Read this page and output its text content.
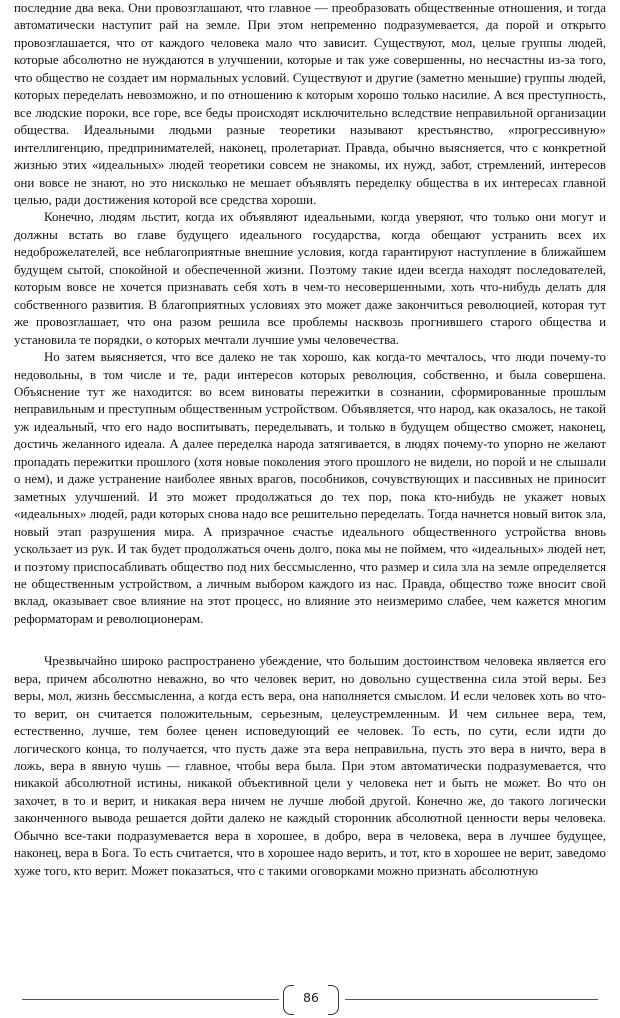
последние два века. Они провозглашают, что главное — преобразовать общественные отношения, и тогда автоматически наступит рай на земле. При этом непременно подразумевается, да порой и открыто провозглашается, что от каждого человека мало что зависит. Существуют, мол, целые группы людей, которые абсолютно не нуждаются в улучшении, которые и так уже совершенны, но несчастны из-за того, что общество не создает им нормальных условий. Существуют и другие (заметно меньшие) группы людей, которых переделать невозможно, и по отношению к которым хорошо только насилие. А вся преступность, все людские пороки, все горе, все беды происходят исключительно вследствие неправильной организации общества. Идеальными людьми разные теоретики называют крестьянство, «прогрессивную» интеллигенцию, предпринимателей, наконец, пролетариат. Правда, обычно выясняется, что с конкретной жизнью этих «идеальных» людей теоретики совсем не знакомы, их нужд, забот, стремлений, интересов они вовсе не знают, но это нисколько не мешает объявлять переделку общества в их интересах главной целью, ради достижения которой все средства хороши.

Конечно, людям льстит, когда их объявляют идеальными, когда уверяют, что только они могут и должны встать во главе будущего идеального государства, когда обещают устранить всех их недоброжелателей, все неблагоприятные внешние условия, когда гарантируют наступление в ближайшем будущем сытой, спокойной и обеспеченной жизни. Поэтому такие идеи всегда находят последователей, которым вовсе не хочется признавать себя хоть в чем-то несовершенными, хоть что-нибудь делать для собственного развития. В благоприятных условиях это может даже закончиться революцией, которая тут же провозглашает, что она разом решила все проблемы насквозь прогнившего старого общества и установила те порядки, о которых мечтали лучшие умы человечества.

Но затем выясняется, что все далеко не так хорошо, как когда-то мечталось, что люди почему-то недовольны, в том числе и те, ради интересов которых революция, собственно, и была совершена. Объяснение тут же находится: во всем виноваты пережитки в сознании, сформированные прошлым неправильным и преступным общественным устройством. Объявляется, что народ, как оказалось, не такой уж идеальный, что его надо воспитывать, переделывать, и только в будущем общество сможет, наконец, достичь желанного идеала. А далее переделка народа затягивается, в людях почему-то упорно не желают пропадать пережитки прошлого (хотя новые поколения этого прошлого не видели, но порой и не слышали о нем), и даже устранение наиболее явных врагов, пособников, сочувствующих и пассивных не приносит заметных улучшений. И это может продолжаться до тех пор, пока кто-нибудь не укажет новых «идеальных» людей, ради которых снова надо все решительно переделать. Тогда начнется новый виток зла, новый этап разрушения мира. А призрачное счастье идеального общественного устройства вновь ускользает из рук. И так будет продолжаться очень долго, пока мы не поймем, что «идеальных» людей нет, и поэтому приспосабливать общество под них бессмысленно, что размер и сила зла на земле определяется не общественным устройством, а личным выбором каждого из нас. Правда, общество тоже вносит свой вклад, оказывает свое влияние на этот процесс, но влияние это неизмеримо слабее, чем кажется многим реформаторам и революционерам.

Чрезвычайно широко распространено убеждение, что большим достоинством человека является его вера, причем абсолютно неважно, во что человек верит, но довольно существенна сила этой веры. Без веры, мол, жизнь бессмысленна, а когда есть вера, она наполняется смыслом. И если человек хоть во что-то верит, он считается положительным, серьезным, целеустремленным. И чем сильнее вера, тем, естественно, лучше, тем более ценен исповедующий ее человек. То есть, по сути, если идти до логического конца, то получается, что пусть даже эта вера неправильна, пусть это вера в ничто, вера в ложь, вера в явную чушь — главное, чтобы вера была. При этом автоматически подразумевается, что никакой абсолютной истины, никакой объективной цели у человека нет и быть не может. Во что он захочет, в то и верит, и никакая вера ничем не лучше любой другой. Конечно же, до такого логически законченного вывода решается дойти далеко не каждый сторонник абсолютной ценности веры человека. Обычно все-таки подразумевается вера в хорошее, в добро, вера в человека, вера в лучшее будущее, наконец, вера в Бога. То есть считается, что в хорошее надо верить, и тот, кто в хорошее не верит, заведомо хуже того, кто верит. Может показаться, что с такими оговорками можно признать абсолютную

86
